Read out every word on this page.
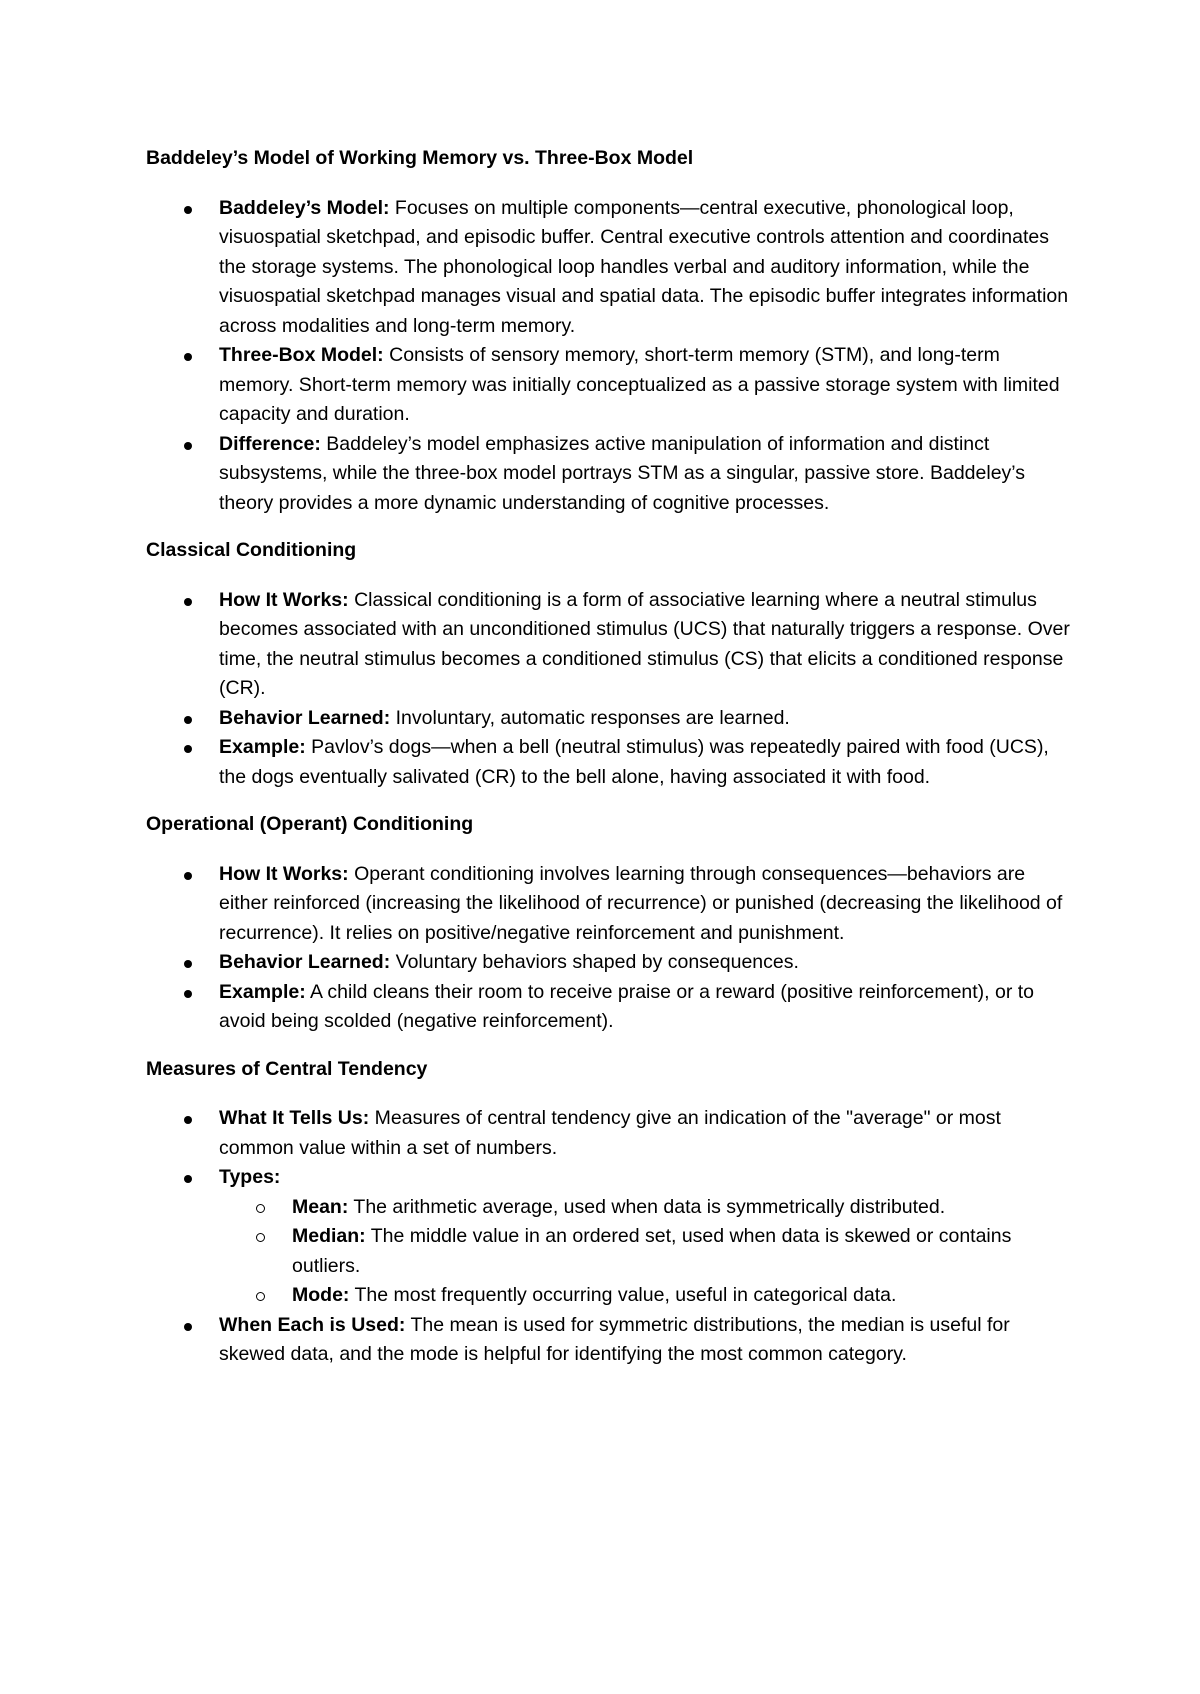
Baddeley’s Model of Working Memory vs. Three-Box Model
Baddeley’s Model: Focuses on multiple components—central executive, phonological loop, visuospatial sketchpad, and episodic buffer. Central executive controls attention and coordinates the storage systems. The phonological loop handles verbal and auditory information, while the visuospatial sketchpad manages visual and spatial data. The episodic buffer integrates information across modalities and long-term memory.
Three-Box Model: Consists of sensory memory, short-term memory (STM), and long-term memory. Short-term memory was initially conceptualized as a passive storage system with limited capacity and duration.
Difference: Baddeley’s model emphasizes active manipulation of information and distinct subsystems, while the three-box model portrays STM as a singular, passive store. Baddeley’s theory provides a more dynamic understanding of cognitive processes.
Classical Conditioning
How It Works: Classical conditioning is a form of associative learning where a neutral stimulus becomes associated with an unconditioned stimulus (UCS) that naturally triggers a response. Over time, the neutral stimulus becomes a conditioned stimulus (CS) that elicits a conditioned response (CR).
Behavior Learned: Involuntary, automatic responses are learned.
Example: Pavlov’s dogs—when a bell (neutral stimulus) was repeatedly paired with food (UCS), the dogs eventually salivated (CR) to the bell alone, having associated it with food.
Operational (Operant) Conditioning
How It Works: Operant conditioning involves learning through consequences—behaviors are either reinforced (increasing the likelihood of recurrence) or punished (decreasing the likelihood of recurrence). It relies on positive/negative reinforcement and punishment.
Behavior Learned: Voluntary behaviors shaped by consequences.
Example: A child cleans their room to receive praise or a reward (positive reinforcement), or to avoid being scolded (negative reinforcement).
Measures of Central Tendency
What It Tells Us: Measures of central tendency give an indication of the "average" or most common value within a set of numbers.
Types:
Mean: The arithmetic average, used when data is symmetrically distributed.
Median: The middle value in an ordered set, used when data is skewed or contains outliers.
Mode: The most frequently occurring value, useful in categorical data.
When Each is Used: The mean is used for symmetric distributions, the median is useful for skewed data, and the mode is helpful for identifying the most common category.
